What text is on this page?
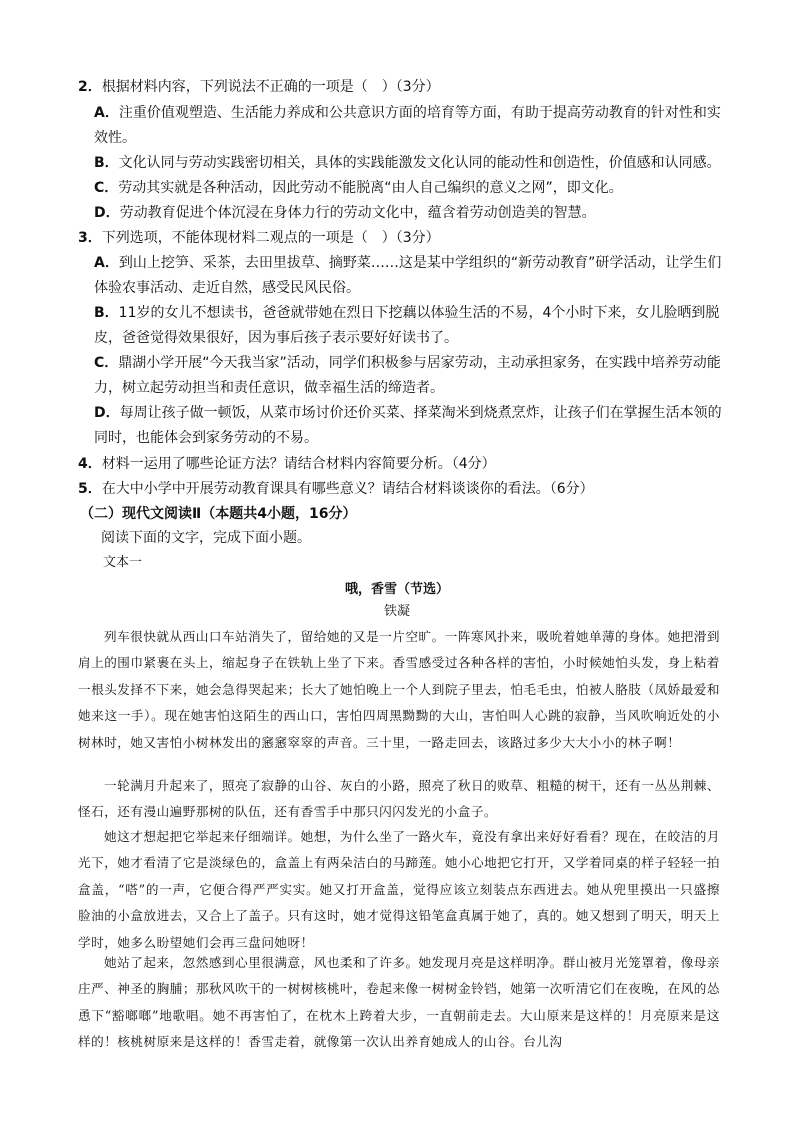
2．根据材料内容，下列说法不正确的一项是（　）（3分）
A．注重价值观塑造、生活能力养成和公共意识方面的培育等方面，有助于提高劳动教育的针对性和实效性。
B．文化认同与劳动实践密切相关，具体的实践能激发文化认同的能动性和创造性，价值感和认同感。
C．劳动其实就是各种活动，因此劳动不能脱离“由人自己编织的意义之网”，即文化。
D．劳动教育促进个体沉浸在身体力行的劳动文化中，蕴含着劳动创造美的智慧。
3．下列选项，不能体现材料二观点的一项是（　）（3分）
A．到山上挖笋、采茶，去田里拔草、摘野菜……这是某中学组织的“新劳动教育”研学活动，让学生们体验农事活动、走近自然，感受民风民俗。
B．11岁的女儿不想读书，爸爸就带她在烈日下挖藕以体验生活的不易，4个小时下来，女儿脸晒到脱皮，爸爸觉得效果很好，因为事后孩子表示要好好读书了。
C．鼎湖小学开展“今天我当家”活动，同学们积极参与居家劳动，主动承担家务，在实践中培养劳动能力，树立起劳动担当和责任意识，做幸福生活的缔造者。
D．每周让孩子做一顿饭，从菜市场讨价还价买菜、择菜淘米到烧煮烹炸，让孩子们在掌握生活本领的同时，也能体会到家务劳动的不易。
4．材料一运用了哪些论证方法？请结合材料内容简要分析。（4分）
5．在大中小学中开展劳动教育课具有哪些意义？请结合材料谈谈你的看法。（6分）
（二）现代文阅读Ⅱ（本题共4小题，16分）
阅读下面的文字，完成下面小题。
文本一
哦，香雪（节选）
铁凝
列车很快就从西山口车站消失了，留给她的又是一片空旷。一阵寒风扑来，吸吮着她单薄的身体。她把滑到肩上的围巾紧裹在头上，缩起身子在铁轨上坐了下来。香雪感受过各种各样的害怕，小时候她怕头发，身上粘着一根头发择不下来，她会急得哭起来；长大了她怕晚上一个人到院子里去，怕毛毛虫，怕被人胳肢（凤娇最爱和她来这一手）。现在她害怕这陌生的西山口，害怕四周黑黝黝的大山，害怕叫人心跳的寂静，当风吹响近处的小树林时，她又害怕小树林发出的窸窸窣窣的声音。三十里，一路走回去，该路过多少大大小小的林子啊！
一轮满月升起来了，照亮了寂静的山谷、灰白的小路，照亮了秋日的败草、粗糙的树干，还有一丛丛荆棘、怪石，还有漫山遍野那树的队伍，还有香雪手中那只闪闪发光的小盒子。
她这才想起把它举起来仔细端详。她想，为什么坐了一路火车，竟没有拿出来好好看看？现在，在皎洁的月光下，她才看清了它是淡绿色的，盒盖上有两朵洁白的马蹄莲。她小心地把它打开，又学着同桌的样子轻轻一拍盒盖，“嗒”的一声，它便合得严严实实。她又打开盒盖，觉得应该立刻装点东西进去。她从兜里摸出一只盛擦脸油的小盒放进去，又合上了盖子。只有这时，她才觉得这铅笔盒真属于她了，真的。她又想到了明天，明天上学时，她多么盼望她们会再三盘问她呀！
她站了起来，忽然感到心里很满意，风也柔和了许多。她发现月亮是这样明净。群山被月光笼罩着，像母亲庄严、神圣的胸脯；那秋风吹干的一树树核桃叶，卷起来像一树树金铃铛，她第一次听清它们在夜晚，在风的怂恿下“豁啷啷”地歌唱。她不再害怕了，在枕木上跨着大步，一直朝前走去。大山原来是这样的！月亮原来是这样的！核桃树原来是这样的！香雪走着，就像第一次认出养育她成人的山谷。台儿沟
